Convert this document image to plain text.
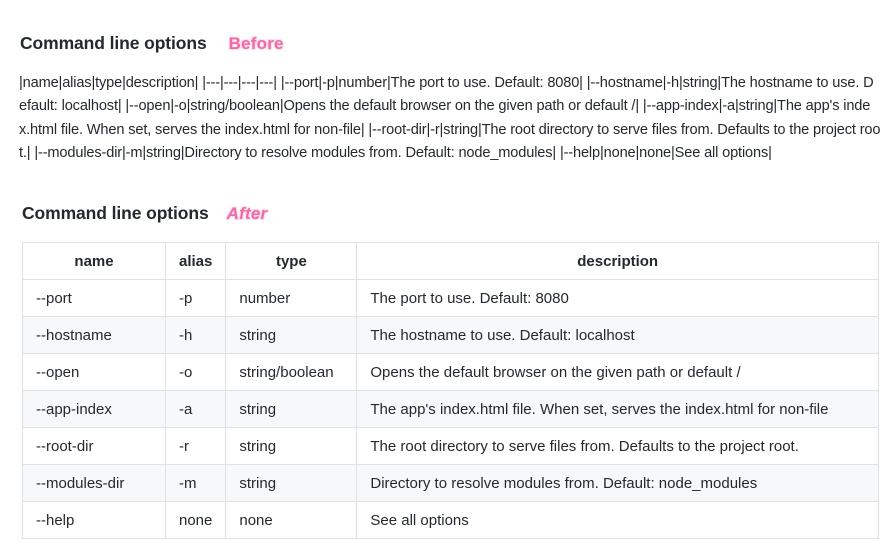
Command line options Before
|name|alias|type|description| |---|---|---|---| |--port|-p|number|The port to use. Default: 8080| |--hostname|-h|string|The hostname to use. Default: localhost| |--open|-o|string/boolean|Opens the default browser on the given path or default /| |--app-index|-a|string|The app's index.html file. When set, serves the index.html for non-file| |--root-dir|-r|string|The root directory to serve files from. Defaults to the project root.| |--modules-dir|-m|string|Directory to resolve modules from. Default: node_modules| |--help|none|none|See all options|
Command line options After
name	alias	type	description
--port	-p	number	The port to use. Default: 8080
--hostname	-h	string	The hostname to use. Default: localhost
--open	-o	string/boolean	Opens the default browser on the given path or default /
--app-index	-a	string	The app's index.html file. When set, serves the index.html for non-file
--root-dir	-r	string	The root directory to serve files from. Defaults to the project root.
--modules-dir	-m	string	Directory to resolve modules from. Default: node_modules
--help	none	none	See all options
